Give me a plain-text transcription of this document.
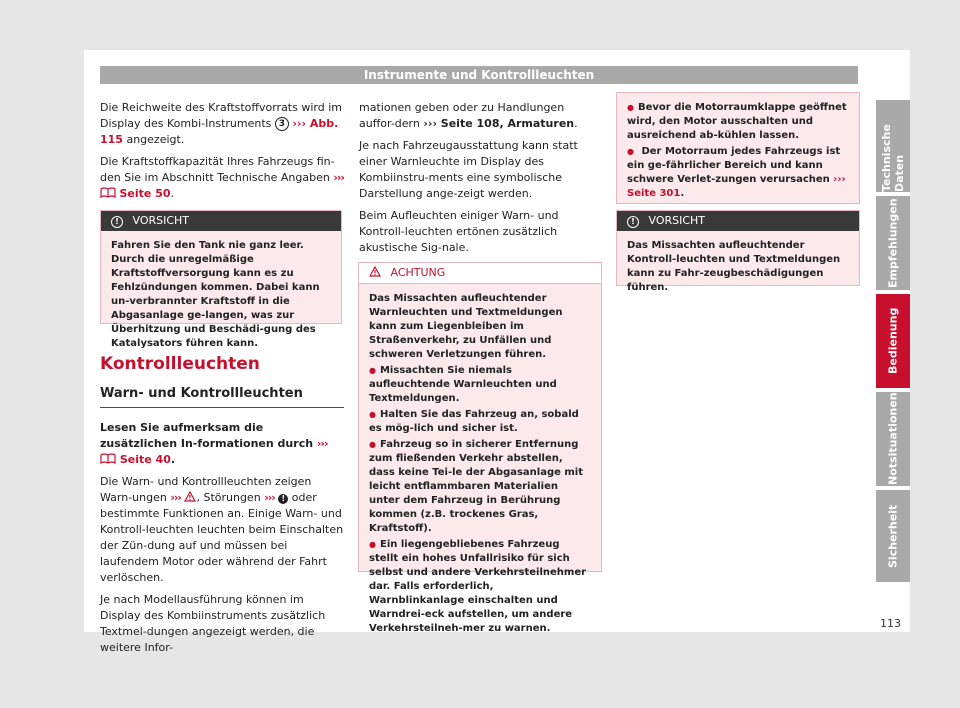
Instrumente und Kontrollleuchten

Die Reichweite des Kraftstoffvorrats wird im Display des Kombi-Instruments 3 ››› Abb. 115 angezeigt.

Die Kraftstoffkapazität Ihres Fahrzeugs fin-den Sie im Abschnitt Technische Angaben ›››  Seite 50.

! VORSICHT
Fahren Sie den Tank nie ganz leer. Durch die unregelmäßige Kraftstoffversorgung kann es zu Fehlzündungen kommen. Dabei kann un-verbrannter Kraftstoff in die Abgasanlage ge-langen, was zur Überhitzung und Beschädi-gung des Katalysators führen kann.
Kontrollleuchten
Warn- und Kontrollleuchten

Lesen Sie aufmerksam die zusätzlichen In-formationen durch ›››  Seite 40.

Die Warn- und Kontrollleuchten zeigen Warn-ungen ››› , Störungen ››› ! oder bestimmte Funktionen an. Einige Warn- und Kontroll-leuchten leuchten beim Einschalten der Zün-dung auf und müssen bei laufendem Motor oder während der Fahrt verlöschen.

Je nach Modellausführung können im Display des Kombiinstruments zusätzlich Textmel-dungen angezeigt werden, die weitere Infor-

mationen geben oder zu Handlungen auffor-dern ››› Seite 108, Armaturen.

Je nach Fahrzeugausstattung kann statt einer Warnleuchte im Display des Kombiinstru-ments eine symbolische Darstellung ange-zeigt werden.

Beim Aufleuchten einiger Warn- und Kontroll-leuchten ertönen zusätzlich akustische Sig-nale.

ACHTUNG

Das Missachten aufleuchtender Warnleuchten und Textmeldungen kann zum Liegenbleiben im Straßenverkehr, zu Unfällen und schweren Verletzungen führen.

● Missachten Sie niemals aufleuchtende Warnleuchten und Textmeldungen.

● Halten Sie das Fahrzeug an, sobald es mög-lich und sicher ist.

● Fahrzeug so in sicherer Entfernung zum fließenden Verkehr abstellen, dass keine Tei-le der Abgasanlage mit leicht entflammbaren Materialien unter dem Fahrzeug in Berührung kommen (z.B. trockenes Gras, Kraftstoff).

● Ein liegengebliebenes Fahrzeug stellt ein hohes Unfallrisiko für sich selbst und andere Verkehrsteilnehmer dar. Falls erforderlich, Warnblinkanlage einschalten und Warndrei-eck aufstellen, um andere Verkehrsteilneh-mer zu warnen.

● Bevor die Motorraumklappe geöffnet wird, den Motor ausschalten und ausreichend ab-kühlen lassen.

● Der Motorraum jedes Fahrzeugs ist ein ge-fährlicher Bereich und kann schwere Verlet-zungen verursachen ››› Seite 301.

! VORSICHT
Das Missachten aufleuchtender Kontroll-leuchten und Textmeldungen kann zu Fahr-zeugbeschädigungen führen.
Technische Daten
Empfehlungen
Bedienung
Notsituationen
Sicherheit
113
